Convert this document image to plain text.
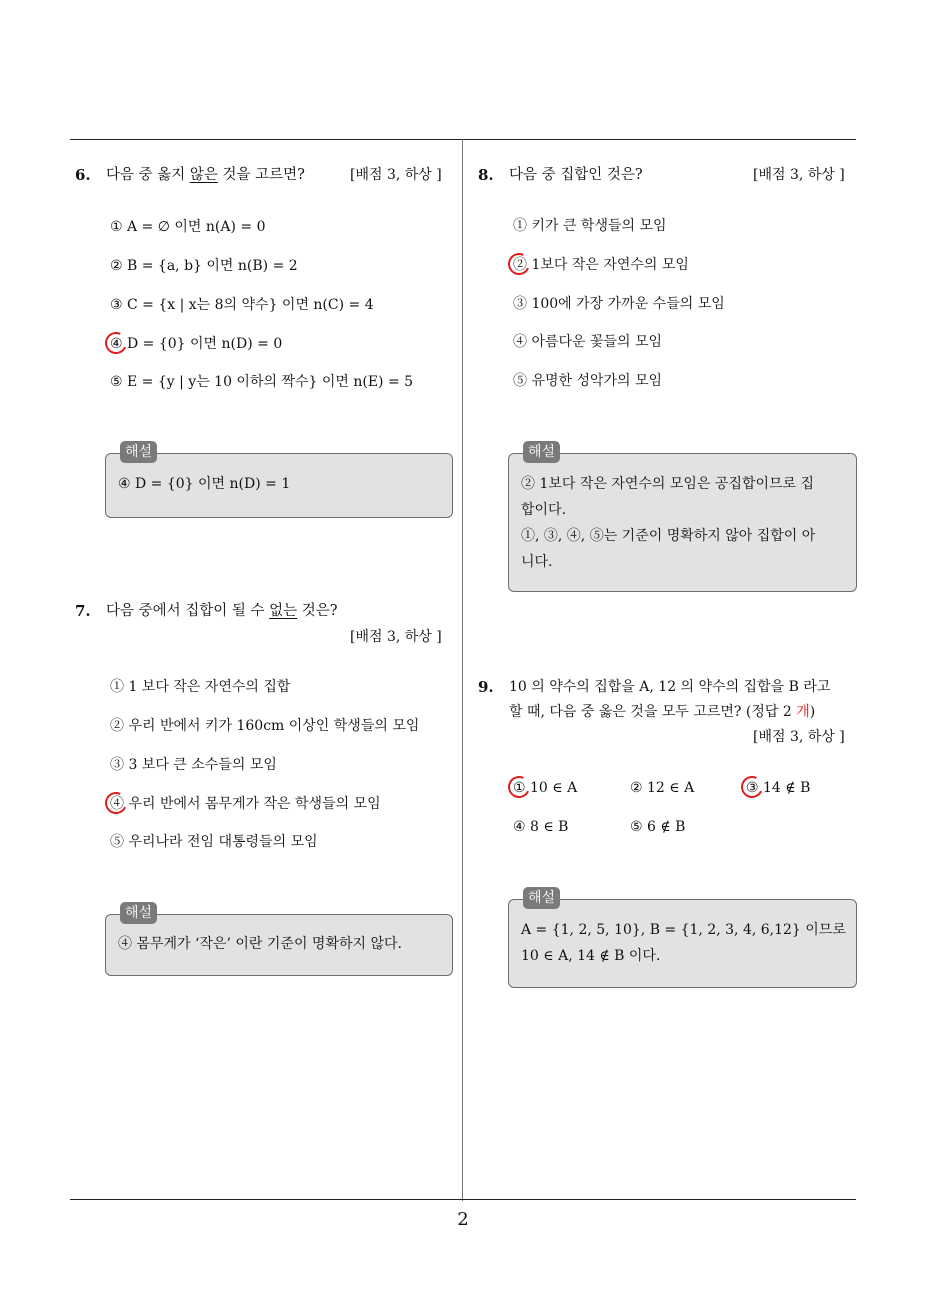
6. 다음 중 옳지 않은 것을 고르면?	[배점 3, 하상 ]
① A = ∅ 이면 n(A) = 0
② B = {a, b} 이면 n(B) = 2
③ C = {x | x는 8의 약수} 이면 n(C) = 4
④ D = {0} 이면 n(D) = 0
⑤ E = {y | y는 10 이하의 짝수} 이면 n(E) = 5
해설
④ D = {0} 이면 n(D) = 1
7. 다음 중에서 집합이 될 수 없는 것은?
[배점 3, 하상 ]
① 1 보다 작은 자연수의 집합
② 우리 반에서 키가 160cm 이상인 학생들의 모임
③ 3 보다 큰 소수들의 모임
④ 우리 반에서 몸무게가 작은 학생들의 모임
⑤ 우리나라 전임 대통령들의 모임
해설
④ 몸무게가 ‘작은’ 이란 기준이 명확하지 않다.
8. 다음 중 집합인 것은?	[배점 3, 하상 ]
① 키가 큰 학생들의 모임
② 1보다 작은 자연수의 모임
③ 100에 가장 가까운 수들의 모임
④ 아름다운 꽃들의 모임
⑤ 유명한 성악가의 모임
해설
② 1보다 작은 자연수의 모임은 공집합이므로 집
합이다.
①, ③, ④, ⑤는 기준이 명확하지 않아 집합이 아
니다.
9. 10 의 약수의 집합을 A, 12 의 약수의 집합을 B 라고
할 때, 다음 중 옳은 것을 모두 고르면? (정답 2 개)
[배점 3, 하상 ]
① 10 ∈ A	② 12 ∈ A	③ 14 ∉ B
④ 8 ∈ B	⑤ 6 ∉ B
해설
A = {1, 2, 5, 10}, B = {1, 2, 3, 4, 6,12} 이므로
10 ∈ A, 14 ∉ B 이다.
2
